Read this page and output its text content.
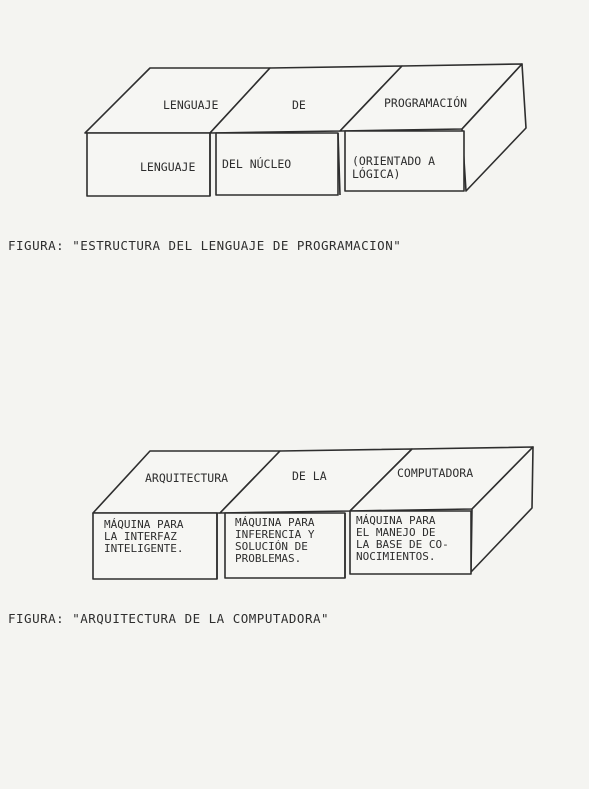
LENGUAJE	DE	PROGRAMACIÓN
LENGUAJE DEL NÚCLEO	(ORIENTADO A
LÓGICA)
FIGURA: "ESTRUCTURA DEL LENGUAJE DE PROGRAMACION"
ARQUITECTURA	DE LA	COMPUTADORA
MÁQUINA PARA
LA INTERFAZ
INTELIGENTE.
MÁQUINA PARA
INFERENCIA Y
SOLUCIÓN DE
PROBLEMAS.
MÁQUINA PARA
EL MANEJO DE
LA BASE DE CO-
NOCIMIENTOS.
FIGURA: "ARQUITECTURA DE LA COMPUTADORA"
